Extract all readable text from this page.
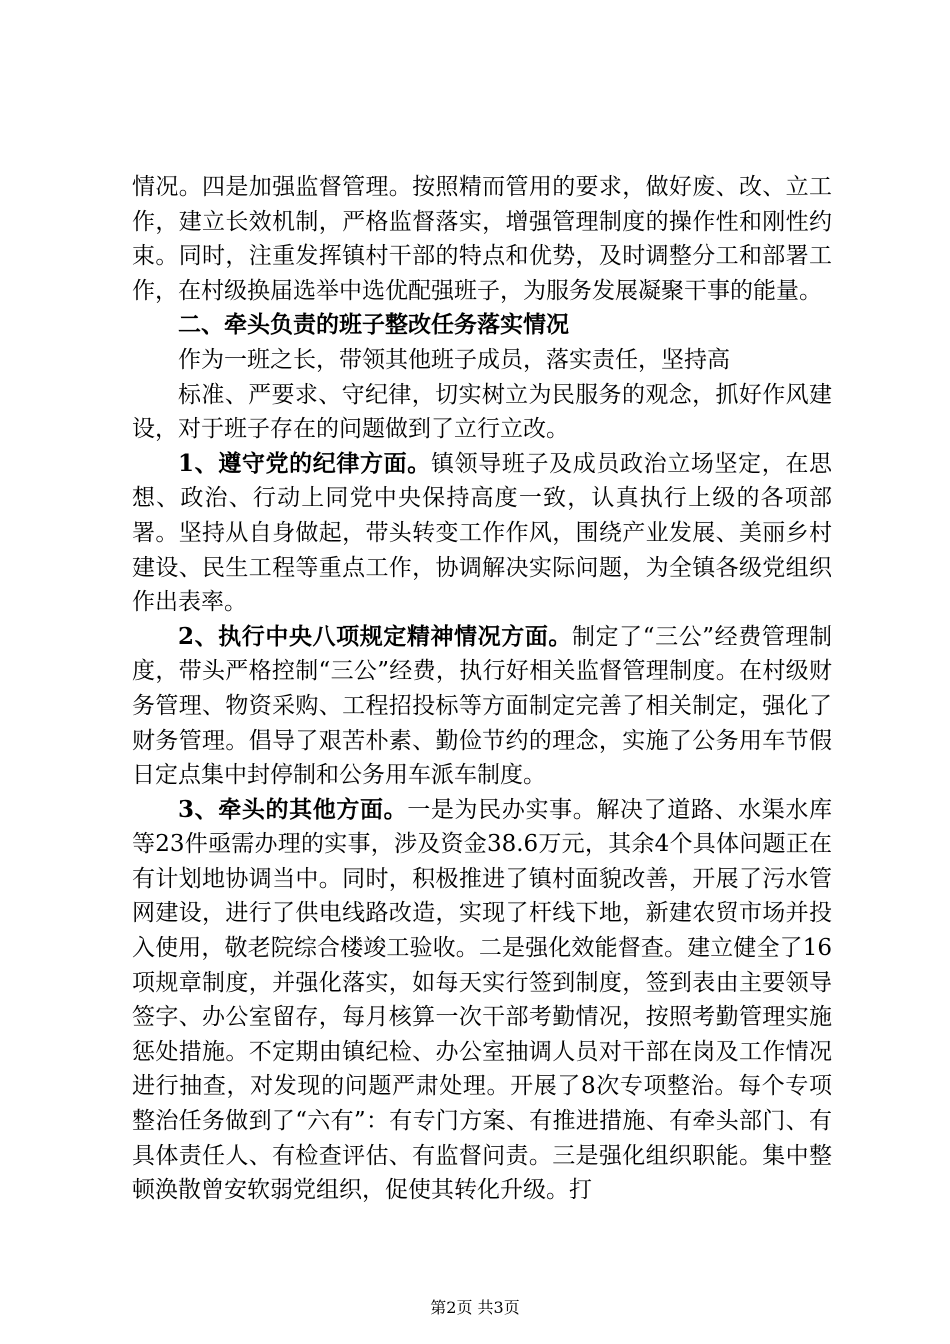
情况。四是加强监督管理。按照精而管用的要求，做好废、改、立工作，建立长效机制，严格监督落实，增强管理制度的操作性和刚性约束。同时，注重发挥镇村干部的特点和优势，及时调整分工和部署工作，在村级换届选举中选优配强班子，为服务发展凝聚干事的能量。

二、牵头负责的班子整改任务落实情况

作为一班之长，带领其他班子成员，落实责任，坚持高

标准、严要求、守纪律，切实树立为民服务的观念，抓好作风建设，对于班子存在的问题做到了立行立改。

1、遵守党的纪律方面。镇领导班子及成员政治立场坚定，在思想、政治、行动上同党中央保持高度一致，认真执行上级的各项部署。坚持从自身做起，带头转变工作作风，围绕产业发展、美丽乡村建设、民生工程等重点工作，协调解决实际问题，为全镇各级党组织作出表率。

2、执行中央八项规定精神情况方面。制定了“三公”经费管理制度，带头严格控制“三公”经费，执行好相关监督管理制度。在村级财务管理、物资采购、工程招投标等方面制定完善了相关制定，强化了财务管理。倡导了艰苦朴素、勤俭节约的理念，实施了公务用车节假日定点集中封停制和公务用车派车制度。

3、牵头的其他方面。一是为民办实事。解决了道路、水渠水库等23件亟需办理的实事，涉及资金38.6万元，其余4个具体问题正在有计划地协调当中。同时，积极推进了镇村面貌改善，开展了污水管网建设，进行了供电线路改造，实现了杆线下地，新建农贸市场并投入使用，敬老院综合楼竣工验收。二是强化效能督查。建立健全了16项规章制度，并强化落实，如每天实行签到制度，签到表由主要领导签字、办公室留存，每月核算一次干部考勤情况，按照考勤管理实施惩处措施。不定期由镇纪检、办公室抽调人员对干部在岗及工作情况进行抽查，对发现的问题严肃处理。开展了8次专项整治。每个专项整治任务做到了“六有”：有专门方案、有推进措施、有牵头部门、有具体责任人、有检查评估、有监督问责。三是强化组织职能。集中整顿涣散曾安软弱党组织，促使其转化升级。打

第2页 共3页
